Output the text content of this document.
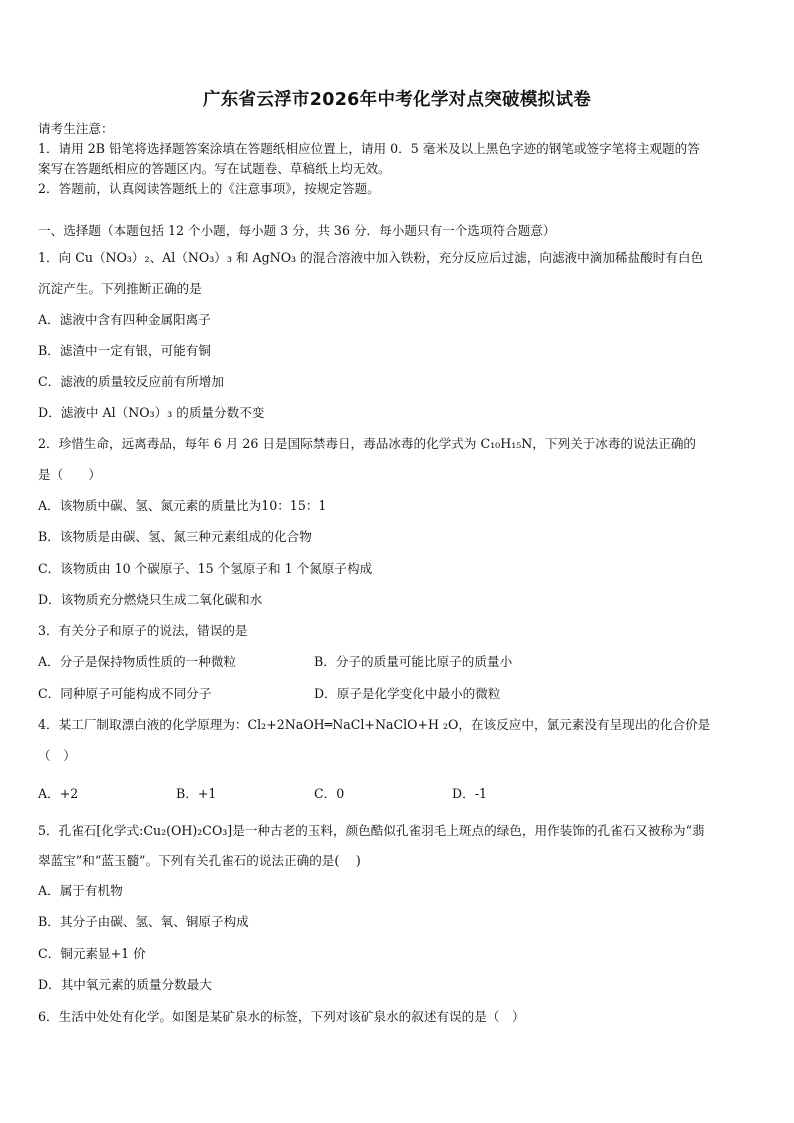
广东省云浮市2026年中考化学对点突破模拟试卷
请考生注意：
1．请用 2B 铅笔将选择题答案涂填在答题纸相应位置上，请用 0．5 毫米及以上黑色字迹的钢笔或签字笔将主观题的答
案写在答题纸相应的答题区内。写在试题卷、草稿纸上均无效。
2．答题前，认真阅读答题纸上的《注意事项》，按规定答题。
一、选择题（本题包括 12 个小题，每小题 3 分，共 36 分．每小题只有一个选项符合题意）
1．向 Cu（NO₃）₂、Al（NO₃）₃ 和 AgNO₃ 的混合溶液中加入铁粉，充分反应后过滤，向滤液中滴加稀盐酸时有白色
沉淀产生。下列推断正确的是
A．滤液中含有四种金属阳离子
B．滤渣中一定有银，可能有铜
C．滤液的质量较反应前有所增加
D．滤液中 Al（NO₃）₃ 的质量分数不变
2．珍惜生命，远离毒品，每年 6 月 26 日是国际禁毒日，毒品冰毒的化学式为 C₁₀H₁₅N，下列关于冰毒的说法正确的
是（　　）
A．该物质中碳、氢、氮元素的质量比为10：15：1
B．该物质是由碳、氢、氮三种元素组成的化合物
C．该物质由 10 个碳原子、15 个氢原子和 1 个氮原子构成
D．该物质充分燃烧只生成二氧化碳和水
3．有关分子和原子的说法，错误的是
A．分子是保持物质性质的一种微粒	B．分子的质量可能比原子的质量小
C．同种原子可能构成不同分子	D．原子是化学变化中最小的微粒
4．某工厂制取漂白液的化学原理为：Cl₂+2NaOH═NaCl+NaClO+H ₂O，在该反应中，氯元素没有呈现出的化合价是
（　）
A．+2	B．+1	C．0	D．-1
5．孔雀石[化学式:Cu₂(OH)₂CO₃]是一种古老的玉料，颜色酷似孔雀羽毛上斑点的绿色，用作装饰的孔雀石又被称为“翡
翠蓝宝”和“蓝玉髓”。下列有关孔雀石的说法正确的是(　 )
A．属于有机物
B．其分子由碳、氢、氧、铜原子构成
C．铜元素显+1 价
D．其中氧元素的质量分数最大
6．生活中处处有化学。如图是某矿泉水的标签，下列对该矿泉水的叙述有误的是（　）
